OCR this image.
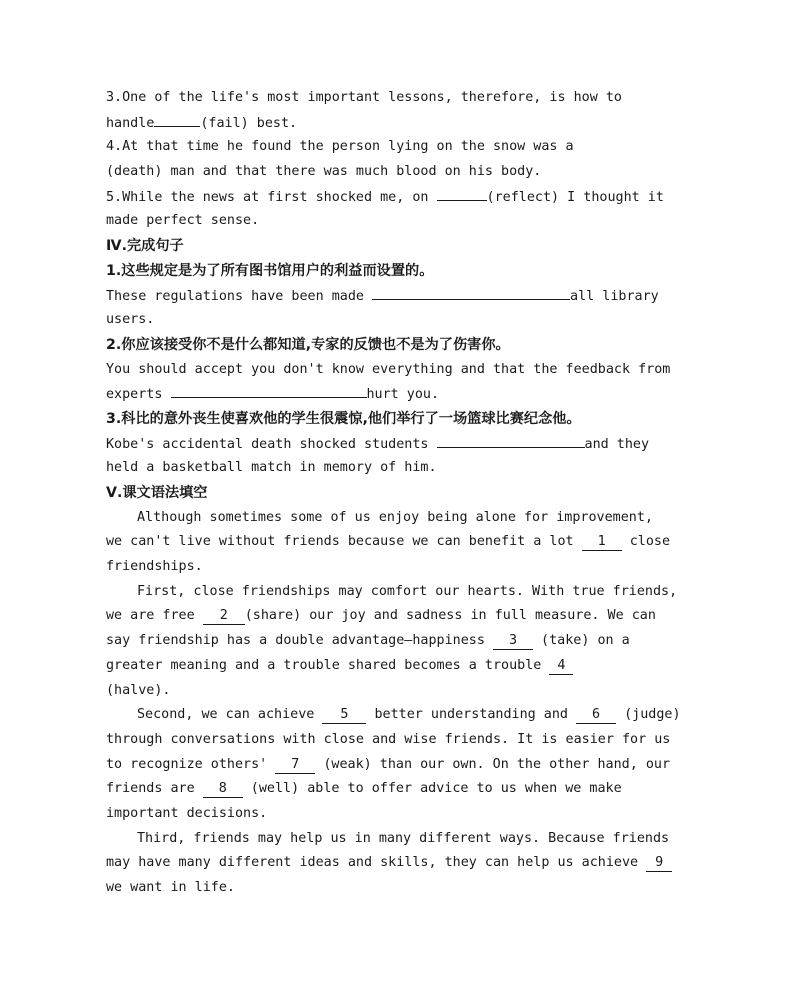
3.One of the life's most important lessons, therefore, is how to
handle	(fail) best.
4.At that time he found the person lying on the snow was a
(death) man and that there was much blood on his body.
5.While the news at first shocked me, on	(reflect) I thought it
made perfect sense.
Ⅳ.完成句子
1.这些规定是为了所有图书馆用户的利益而设置的。
These regulations have been made	all library
users.
2.你应该接受你不是什么都知道,专家的反馈也不是为了伤害你。
You should accept you don't know everything and that the feedback from
experts	hurt you.
3.科比的意外丧生使喜欢他的学生很震惊,他们举行了一场篮球比赛纪念他。
Kobe's accidental death shocked students	and they
held a basketball match in memory of him.
Ⅴ.课文语法填空
Although sometimes some of us enjoy being alone for improvement,
we can't live without friends because we can benefit a lot 1 close
friendships.
First, close friendships may comfort our hearts. With true friends,
we are free 2 (share) our joy and sadness in full measure. We can
say friendship has a double advantage—happiness 3 (take) on a
greater meaning and a trouble shared becomes a trouble 4
(halve).
Second, we can achieve 5 better understanding and 6 (judge)
through conversations with close and wise friends. It is easier for us
to recognize others' 7 (weak) than our own. On the other hand, our
friends are 8 (well) able to offer advice to us when we make
important decisions.
Third, friends may help us in many different ways. Because friends
may have many different ideas and skills, they can help us achieve 9
we want in life.
